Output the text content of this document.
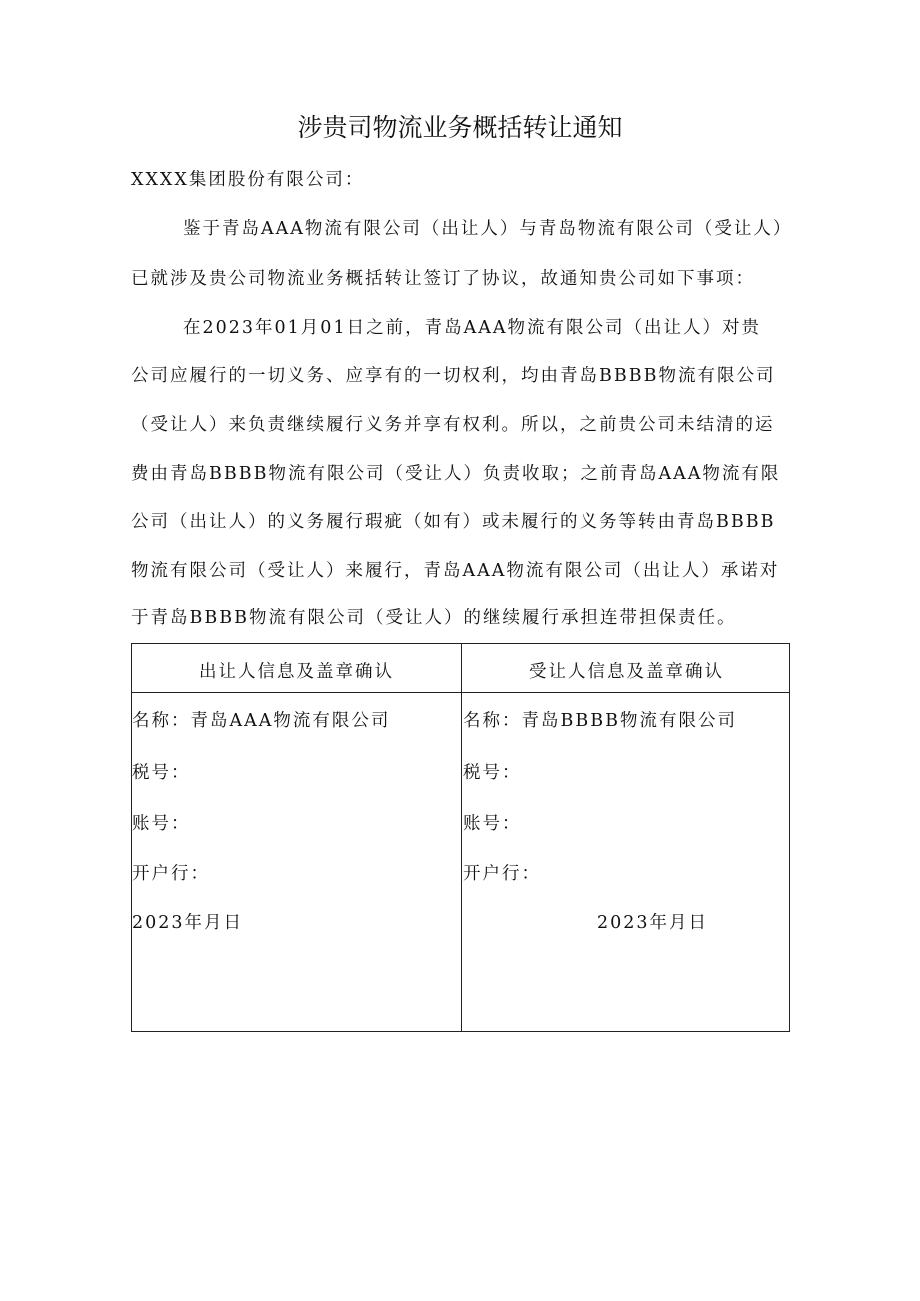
涉贵司物流业务概括转让通知
XXXX集团股份有限公司：
鉴于青岛AAA物流有限公司（出让人）与青岛物流有限公司（受让人）
已就涉及贵公司物流业务概括转让签订了协议，故通知贵公司如下事项：
在2023年01月01日之前，青岛AAA物流有限公司（出让人）对贵
公司应履行的一切义务、应享有的一切权利，均由青岛BBBB物流有限公司
（受让人）来负责继续履行义务并享有权利。所以，之前贵公司未结清的运
费由青岛BBBB物流有限公司（受让人）负责收取；之前青岛AAA物流有限
公司（出让人）的义务履行瑕疵（如有）或未履行的义务等转由青岛BBBB
物流有限公司（受让人）来履行，青岛AAA物流有限公司（出让人）承诺对
于青岛BBBB物流有限公司（受让人）的继续履行承担连带担保责任。
出让人信息及盖章确认	受让人信息及盖章确认
名称：青岛AAA物流有限公司
税号：
账号：
开户行：
2023年月日
名称：青岛BBBB物流有限公司
税号：
账号：
开户行：
2023年月日
